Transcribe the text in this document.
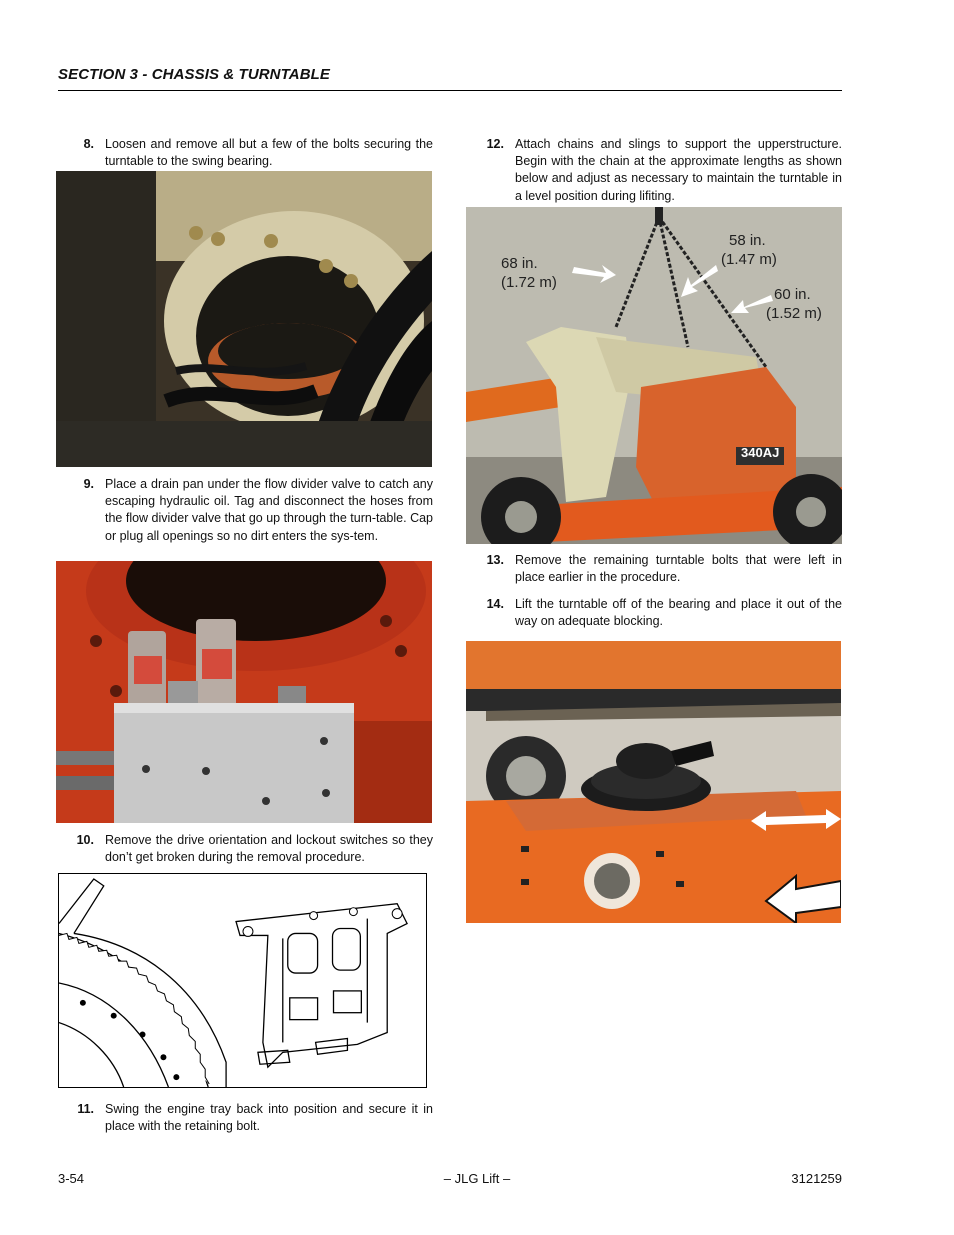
SECTION 3 - CHASSIS & TURNTABLE
8. Loosen and remove all but a few of the bolts securing the turntable to the swing bearing.
9. Place a drain pan under the flow divider valve to catch any escaping hydraulic oil. Tag and disconnect the hoses from the flow divider valve that go up through the turn-table. Cap or plug all openings so no dirt enters the sys-tem.
10. Remove the drive orientation and lockout switches so they don’t get broken during the removal procedure.
11. Swing the engine tray back into position and secure it in place with the retaining bolt.
12. Attach chains and slings to support the upperstructure. Begin with the chain at the approximate lengths as shown below and adjust as necessary to maintain the turntable in a level position during lifiting.
68 in.
(1.72 m)
58 in.
(1.47 m)
60 in.
(1.52 m)
340AJ
13. Remove the remaining turntable bolts that were left in place earlier in the procedure.
14. Lift the turntable off of the bearing and place it out of the way on adequate blocking.
3-54	– JLG Lift –	3121259
